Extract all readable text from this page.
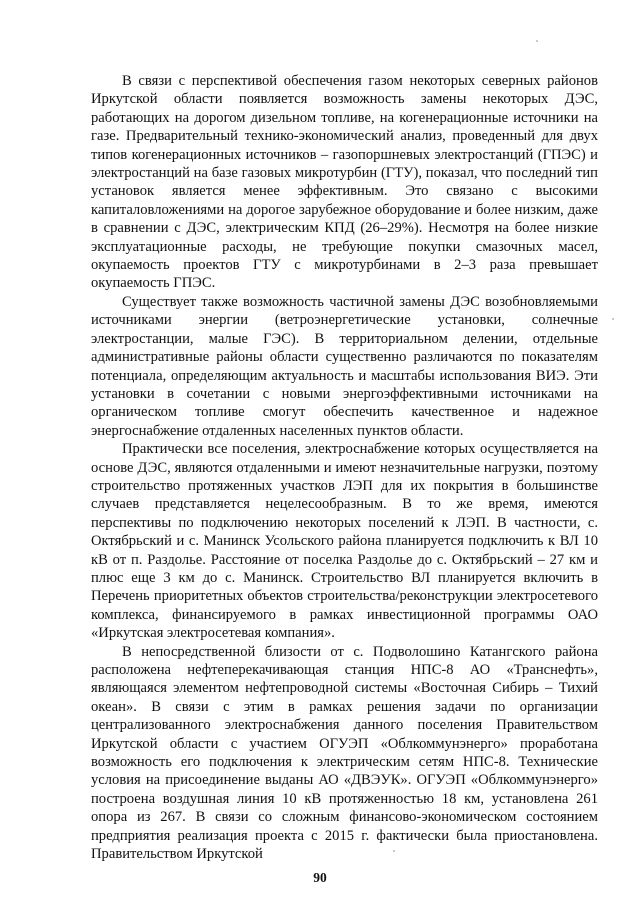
В связи с перспективой обеспечения газом некоторых северных районов Иркутской области появляется возможность замены некоторых ДЭС, работающих на дорогом дизельном топливе, на когенерационные источники на газе. Предварительный технико-экономический анализ, проведенный для двух типов когенерационных источников – газопоршневых электростанций (ГПЭС) и электростанций на базе газовых микротурбин (ГТУ), показал, что последний тип установок является менее эффективным. Это связано с высокими капиталовложениями на дорогое зарубежное оборудование и более низким, даже в сравнении с ДЭС, электрическим КПД (26–29%). Несмотря на более низкие эксплуатационные расходы, не требующие покупки смазочных масел, окупаемость проектов ГТУ с микротурбинами в 2–3 раза превышает окупаемость ГПЭС.

Существует также возможность частичной замены ДЭС возобновляемыми источниками энергии (ветроэнергетические установки, солнечные электростанции, малые ГЭС). В территориальном делении, отдельные административные районы области существенно различаются по показателям потенциала, определяющим актуальность и масштабы использования ВИЭ. Эти установки в сочетании с новыми энергоэффективными источниками на органическом топливе смогут обеспечить качественное и надежное энергоснабжение отдаленных населенных пунктов области.

Практически все поселения, электроснабжение которых осуществляется на основе ДЭС, являются отдаленными и имеют незначительные нагрузки, поэтому строительство протяженных участков ЛЭП для их покрытия в большинстве случаев представляется нецелесообразным. В то же время, имеются перспективы по подключению некоторых поселений к ЛЭП. В частности, с. Октябрьский и с. Манинск Усольского района планируется подключить к ВЛ 10 кВ от п. Раздолье. Расстояние от поселка Раздолье до с. Октябрьский – 27 км и плюс еще 3 км до с. Манинск. Строительство ВЛ планируется включить в Перечень приоритетных объектов строительства/реконструкции электросетевого комплекса, финансируемого в рамках инвестиционной программы ОАО «Иркутская электросетевая компания».

В непосредственной близости от с. Подволошино Катангского района расположена нефтеперекачивающая станция НПС-8 АО «Транснефть», являющаяся элементом нефтепроводной системы «Восточная Сибирь – Тихий океан». В связи с этим в рамках решения задачи по организации централизованного электроснабжения данного поселения Правительством Иркутской области с участием ОГУЭП «Облкоммунэнерго» проработана возможность его подключения к электрическим сетям НПС-8. Технические условия на присоединение выданы АО «ДВЭУК». ОГУЭП «Облкоммунэнерго» построена воздушная линия 10 кВ протяженностью 18 км, установлена 261 опора из 267. В связи со сложным финансово-экономическом состоянием предприятия реализация проекта с 2015 г. фактически была приостановлена. Правительством Иркутской

90
